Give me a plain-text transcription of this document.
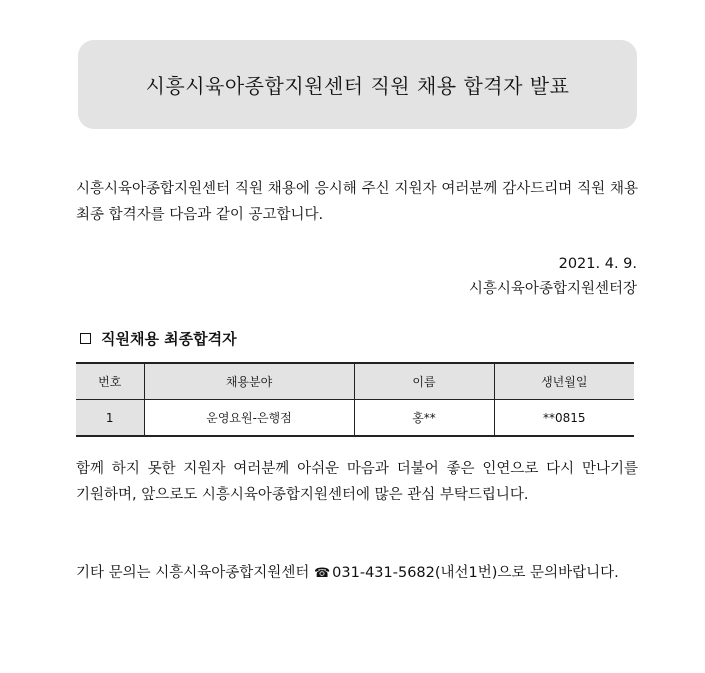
시흥시육아종합지원센터 직원 채용 합격자 발표
시흥시육아종합지원센터 직원 채용에 응시해 주신 지원자 여러분께 감사드리며 직원 채용 최종 합격자를 다음과 같이 공고합니다.
2021. 4. 9.
시흥시육아종합지원센터장
직원채용 최종합격자
번호	채용분야	이름	생년월일
1	운영요원-은행점	홍**	**0815
함께 하지 못한 지원자 여러분께 아쉬운 마음과 더불어 좋은 인연으로 다시 만나기를 기원하며, 앞으로도 시흥시육아종합지원센터에 많은 관심 부탁드립니다.
기타 문의는 시흥시육아종합지원센터 ☎ 031-431-5682(내선1번)으로 문의바랍니다.
